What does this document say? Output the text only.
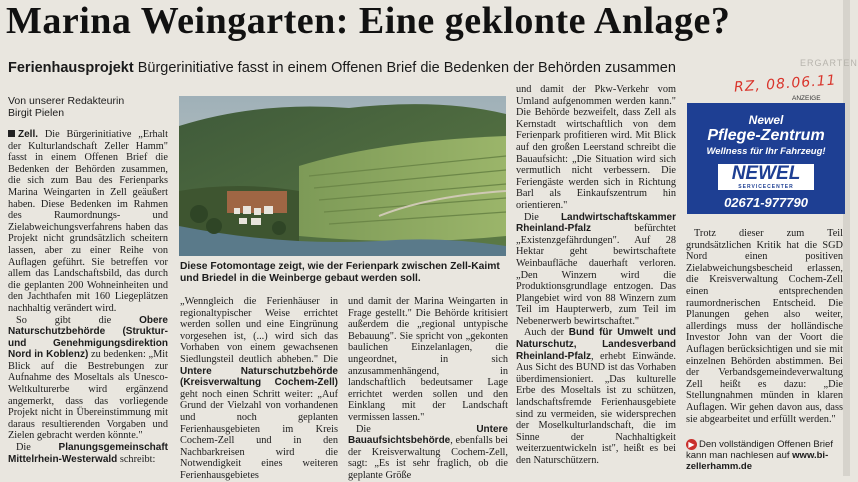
ERGARTEN
Marina Weingarten: Eine geklonte Anlage?
Ferienhausprojekt Bürgerinitiative fasst in einem Offenen Brief die Bedenken der Behörden zusammen
RZ, 08.06.11
Von unserer Redakteurin
Birgit Pielen

Zell. Die Bürgerinitiative „Erhalt der Kulturlandschaft Zeller Hamm" fasst in einem Offenen Brief die Bedenken der Behörden zusammen, die sich zum Bau des Ferienparks Marina Weingarten in Zell geäußert haben. Diese Bedenken im Rahmen des Raumordnungs- und Zielabweichungsverfahrens haben das Projekt nicht grundsätzlich scheitern lassen, aber zu einer Reihe von Auflagen geführt. Sie betreffen vor allem das Landschaftsbild, das durch die geplanten 200 Wohneinheiten und den Jachthafen mit 160 Liegeplätzen nachhaltig verändert wird.

So gibt die Obere Naturschutzbehörde (Struktur- und Genehmigungsdirektion Nord in Koblenz) zu bedenken: „Mit Blick auf die Bestrebungen zur Aufnahme des Moseltals als Unesco-Weltkulturerbe wird ergänzend angemerkt, dass das vorliegende Projekt nicht in Übereinstimmung mit daraus resultierenden Vorgaben und Zielen gebracht werden könnte."

Die Planungsgemeinschaft Mittelrhein-Westerwald schreibt:

Diese Fotomontage zeigt, wie der Ferienpark zwischen Zell-Kaimt und Briedel in die Weinberge gebaut werden soll.

„Wenngleich die Ferienhäuser in regionaltypischer Weise errichtet werden sollen und eine Eingrünung vorgesehen ist, (...) wird sich das Vorhaben von einem gewachsenen Siedlungsteil deutlich abheben." Die Untere Naturschutzbehörde (Kreisverwaltung Cochem-Zell) geht noch einen Schritt weiter: „Auf Grund der Vielzahl von vorhandenen und noch geplanten Ferienhausgebieten im Kreis Cochem-Zell und in den Nachbarkreisen wird die Notwendigkeit eines weiteren Ferienhausgebietes

und damit der Marina Weingarten in Frage gestellt." Die Behörde kritisiert außerdem die „regional untypische Bebauung". Sie spricht von „gekonten baulichen Einzelanlagen, die ungeordnet, in sich anzusammenhängend, in landschaftlich bedeutsamer Lage errichtet werden sollen und den Einklang mit der Landschaft vermissen lassen."

Die Untere Bauaufsichtsbehörde, ebenfalls bei der Kreisverwaltung Cochem-Zell, sagt: „Es ist sehr fraglich, ob die geplante Größe

und damit der Pkw-Verkehr vom Umland aufgenommen werden kann." Die Behörde bezweifelt, dass Zell als Kernstadt wirtschaftlich von dem Ferienpark profitieren wird. Mit Blick auf den großen Leerstand schreibt die Bauaufsicht: „Die Situation wird sich vermutlich nicht verbessern. Die Feriengäste werden sich in Richtung Barl als Einkaufszentrum hin orientieren."

Die Landwirtschaftskammer Rheinland-Pfalz befürchtet „Existenzgefährdungen". Auf 28 Hektar geht bewirtschaftete Weinbaufläche dauerhaft verloren. „Den Winzern wird die Produktionsgrundlage entzogen. Das Plangebiet wird von 88 Winzern zum Teil im Haupterwerb, zum Teil im Nebenerwerb bewirtschaftet."

Auch der Bund für Umwelt und Naturschutz, Landesverband Rheinland-Pfalz, erhebt Einwände. Aus Sicht des BUND ist das Vorhaben überdimensioniert. „Das kulturelle Erbe des Moseltals ist zu schützen, landschaftsfremde Ferienhausgebiete sind zu vermeiden, sie widersprechen der Moselkulturlandschaft, die im Sinne der Nachhaltigkeit weiterzuentwickeln ist", heißt es bei den Naturschützern.

ANZEIGE
Newel
Pflege-Zentrum
Wellness für Ihr Fahrzeug!
NEWEL
SERVICECENTER
02671-977790

Trotz dieser zum Teil grundsätzlichen Kritik hat die SGD Nord einen positiven Zielabweichungsbescheid erlassen, die Kreisverwaltung Cochem-Zell einen entsprechenden raumordnerischen Entscheid. Die Planungen gehen also weiter, allerdings muss der holländische Investor John van der Voort die Auflagen berücksichtigen und sie mit einzelnen Behörden abstimmen. Bei der Verbandsgemeindeverwaltung Zell heißt es dazu: „Die Stellungnahmen münden in klaren Auflagen. Wir gehen davon aus, dass sie abgearbeitet und erfüllt werden."

▶ Den vollständigen Offenen Brief kann man nachlesen auf www.bi-zellerhamm.de
